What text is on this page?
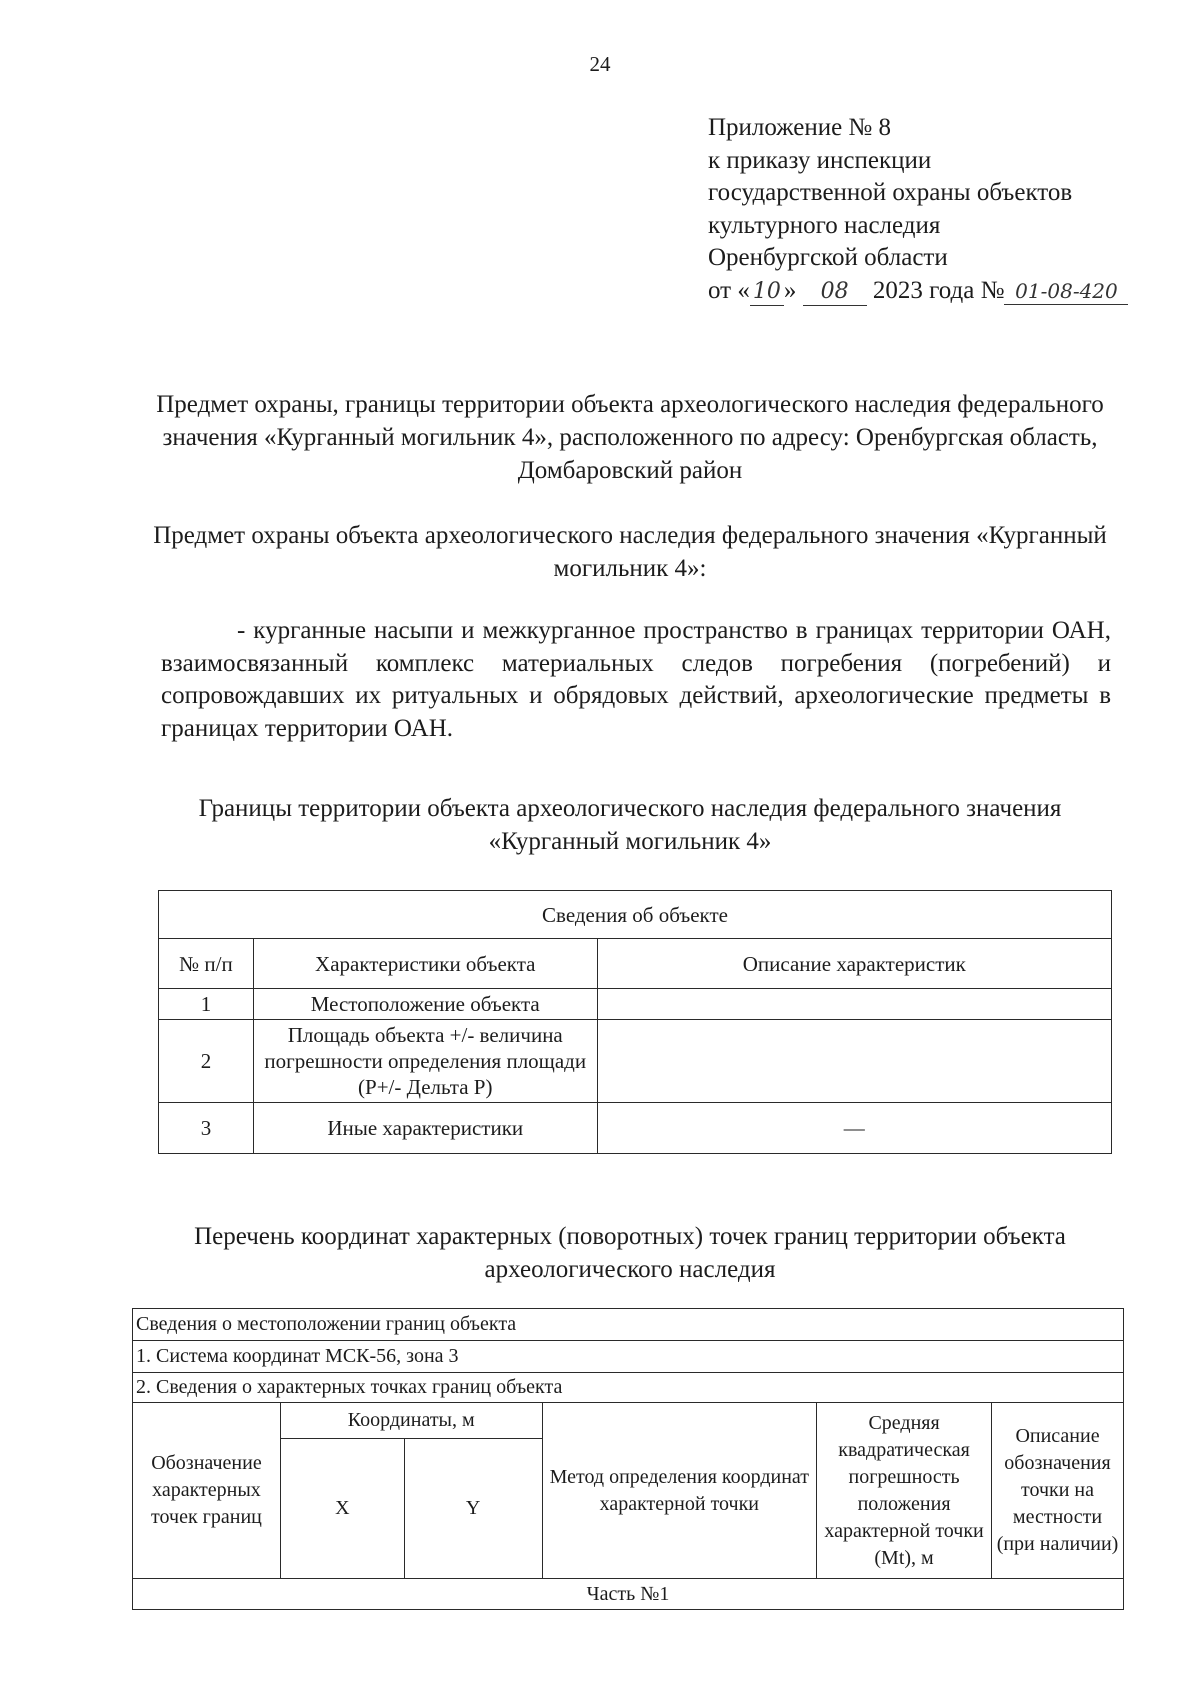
24
Приложение № 8
к приказу инспекции
государственной охраны объектов
культурного наследия
Оренбургской области
от « 10 » 08 2023 года № 01-08-420
Предмет охраны, границы территории объекта археологического наследия федерального значения «Курганный могильник 4», расположенного по адресу: Оренбургская область, Домбаровский район
Предмет охраны объекта археологического наследия федерального значения «Курганный могильник 4»:
- курганные насыпи и межкурганное пространство в границах территории ОАН, взаимосвязанный комплекс материальных следов погребения (погребений) и сопровождавших их ритуальных и обрядовых действий, археологические предметы в границах территории ОАН.
Границы территории объекта археологического наследия федерального значения «Курганный могильник 4»
Сведения об объекте		
№ п/п	Характеристики объекта	Описание характеристик
1	Местоположение объекта	
2	Площадь объекта +/- величина погрешности определения площади (Р+/- Дельта Р)	
3	Иные характеристики	—
Перечень координат характерных (поворотных) точек границ территории объекта археологического наследия
Сведения о местоположении границ объекта					
1. Система координат МСК-56, зона 3					
2. Сведения о характерных точках границ объекта					
Обозначение характерных точек границ	Координаты, м		Метод определения координат характерной точки	Средняя квадратическая погрешность положения характерной точки (Mt), м	Описание обозначения точки на местности (при наличии)
	X	Y			
Часть №1					
